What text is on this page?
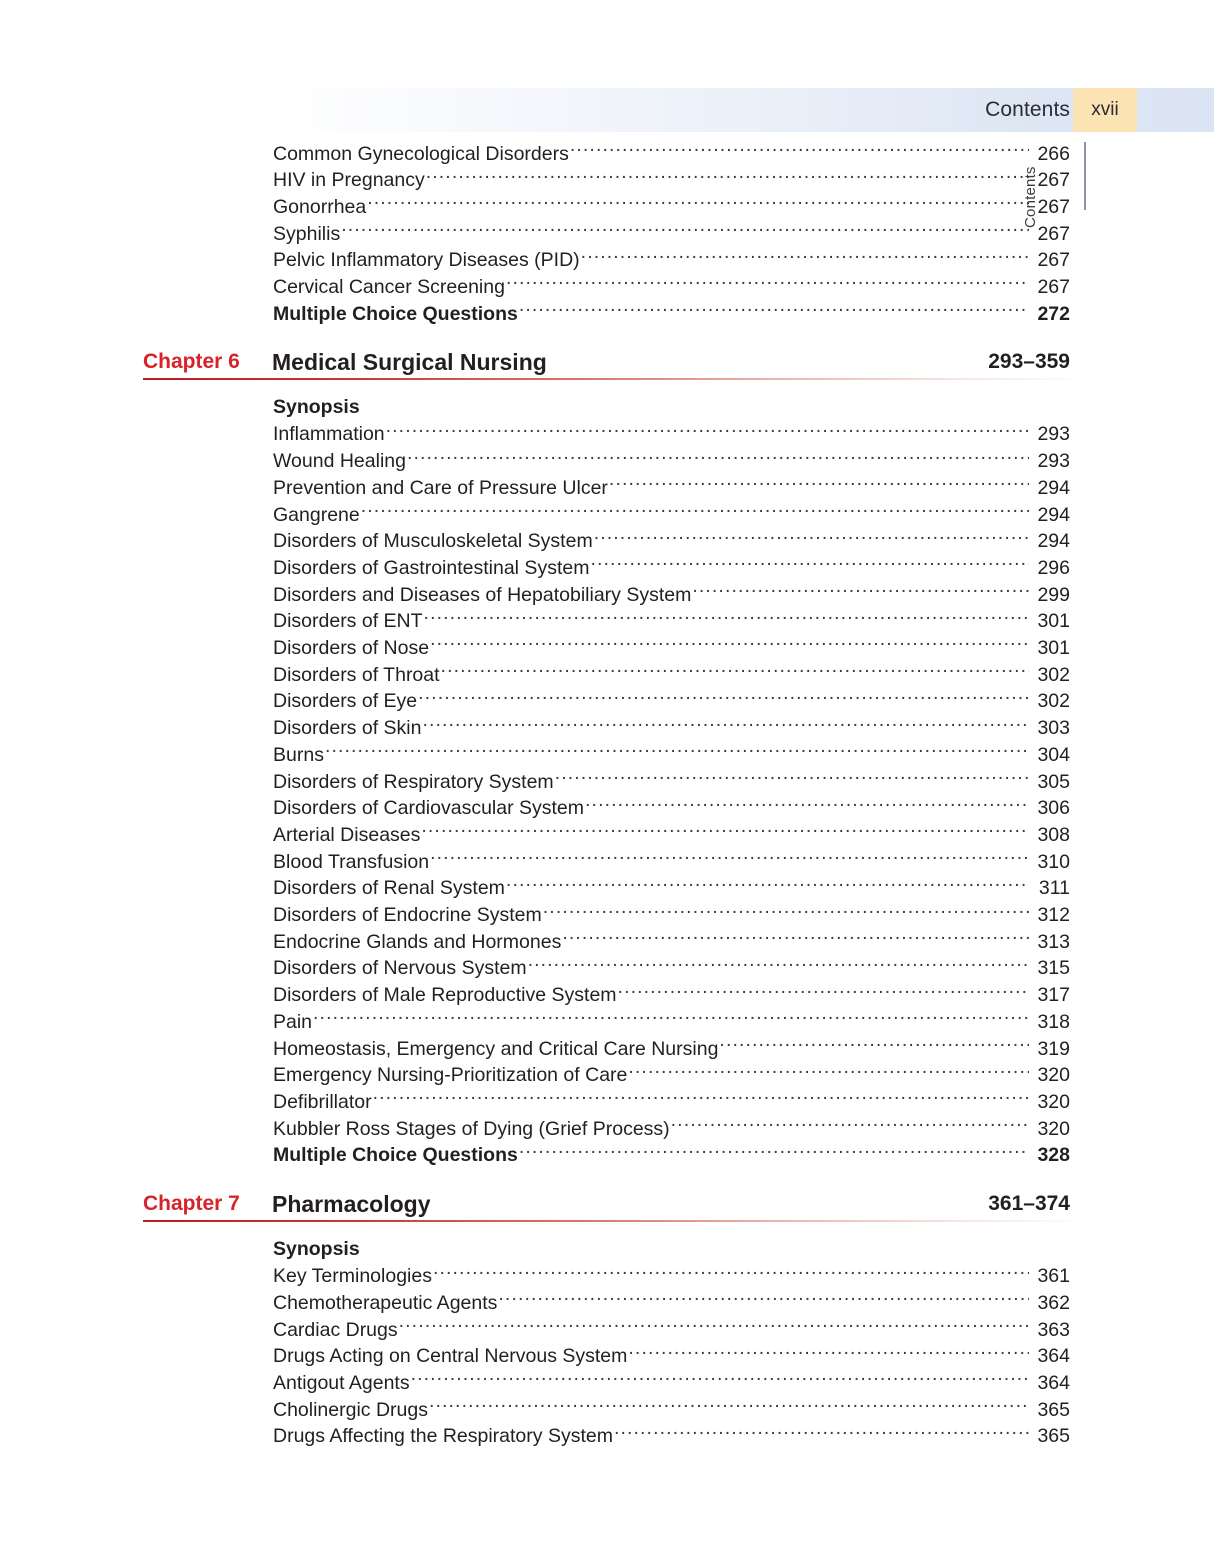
Contents	xvii
Contents
Common Gynecological Disorders .....	266
HIV in Pregnancy .....	267
Gonorrhea .....	267
Syphilis .....	267
Pelvic Inflammatory Diseases (PID) .....	267
Cervical Cancer Screening .....	267
Multiple Choice Questions .....	272
Chapter 6 Medical Surgical Nursing	293–359
Synopsis
Inflammation .....	293
Wound Healing .....	293
Prevention and Care of Pressure Ulcer .....	294
Gangrene .....	294
Disorders of Musculoskeletal System .....	294
Disorders of Gastrointestinal System .....	296
Disorders and Diseases of Hepatobiliary System .....	299
Disorders of ENT .....	301
Disorders of Nose .....	301
Disorders of Throat .....	302
Disorders of Eye .....	302
Disorders of Skin .....	303
Burns .....	304
Disorders of Respiratory System .....	305
Disorders of Cardiovascular System .....	306
Arterial Diseases .....	308
Blood Transfusion .....	310
Disorders of Renal System .....	311
Disorders of Endocrine System .....	312
Endocrine Glands and Hormones .....	313
Disorders of Nervous System .....	315
Disorders of Male Reproductive System .....	317
Pain .....	318
Homeostasis, Emergency and Critical Care Nursing .....	319
Emergency Nursing-Prioritization of Care .....	320
Defibrillator .....	320
Kubbler Ross Stages of Dying (Grief Process) .....	320
Multiple Choice Questions .....	328
Chapter 7 Pharmacology	361–374
Synopsis
Key Terminologies .....	361
Chemotherapeutic Agents .....	362
Cardiac Drugs .....	363
Drugs Acting on Central Nervous System .....	364
Antigout Agents .....	364
Cholinergic Drugs .....	365
Drugs Affecting the Respiratory System .....	365
